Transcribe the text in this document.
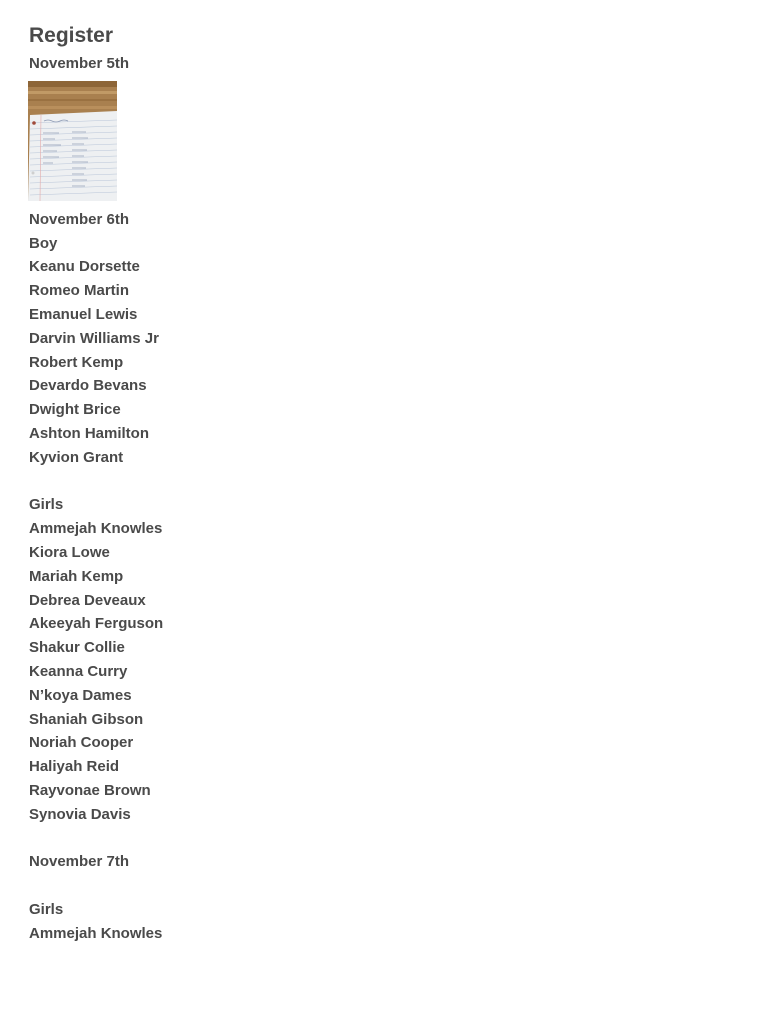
Register
November 5th
November 6th
Boy
Keanu Dorsette
Romeo Martin
Emanuel Lewis
Darvin Williams Jr
Robert Kemp
Devardo Bevans
Dwight Brice
Ashton Hamilton
Kyvion Grant
Girls
Ammejah Knowles
Kiora Lowe
Mariah Kemp
Debrea Deveaux
Akeeyah Ferguson
Shakur Collie
Keanna Curry
N’koya Dames
Shaniah Gibson
Noriah Cooper
Haliyah Reid
Rayvonae Brown
Synovia Davis
November 7th
Girls
Ammejah Knowles
